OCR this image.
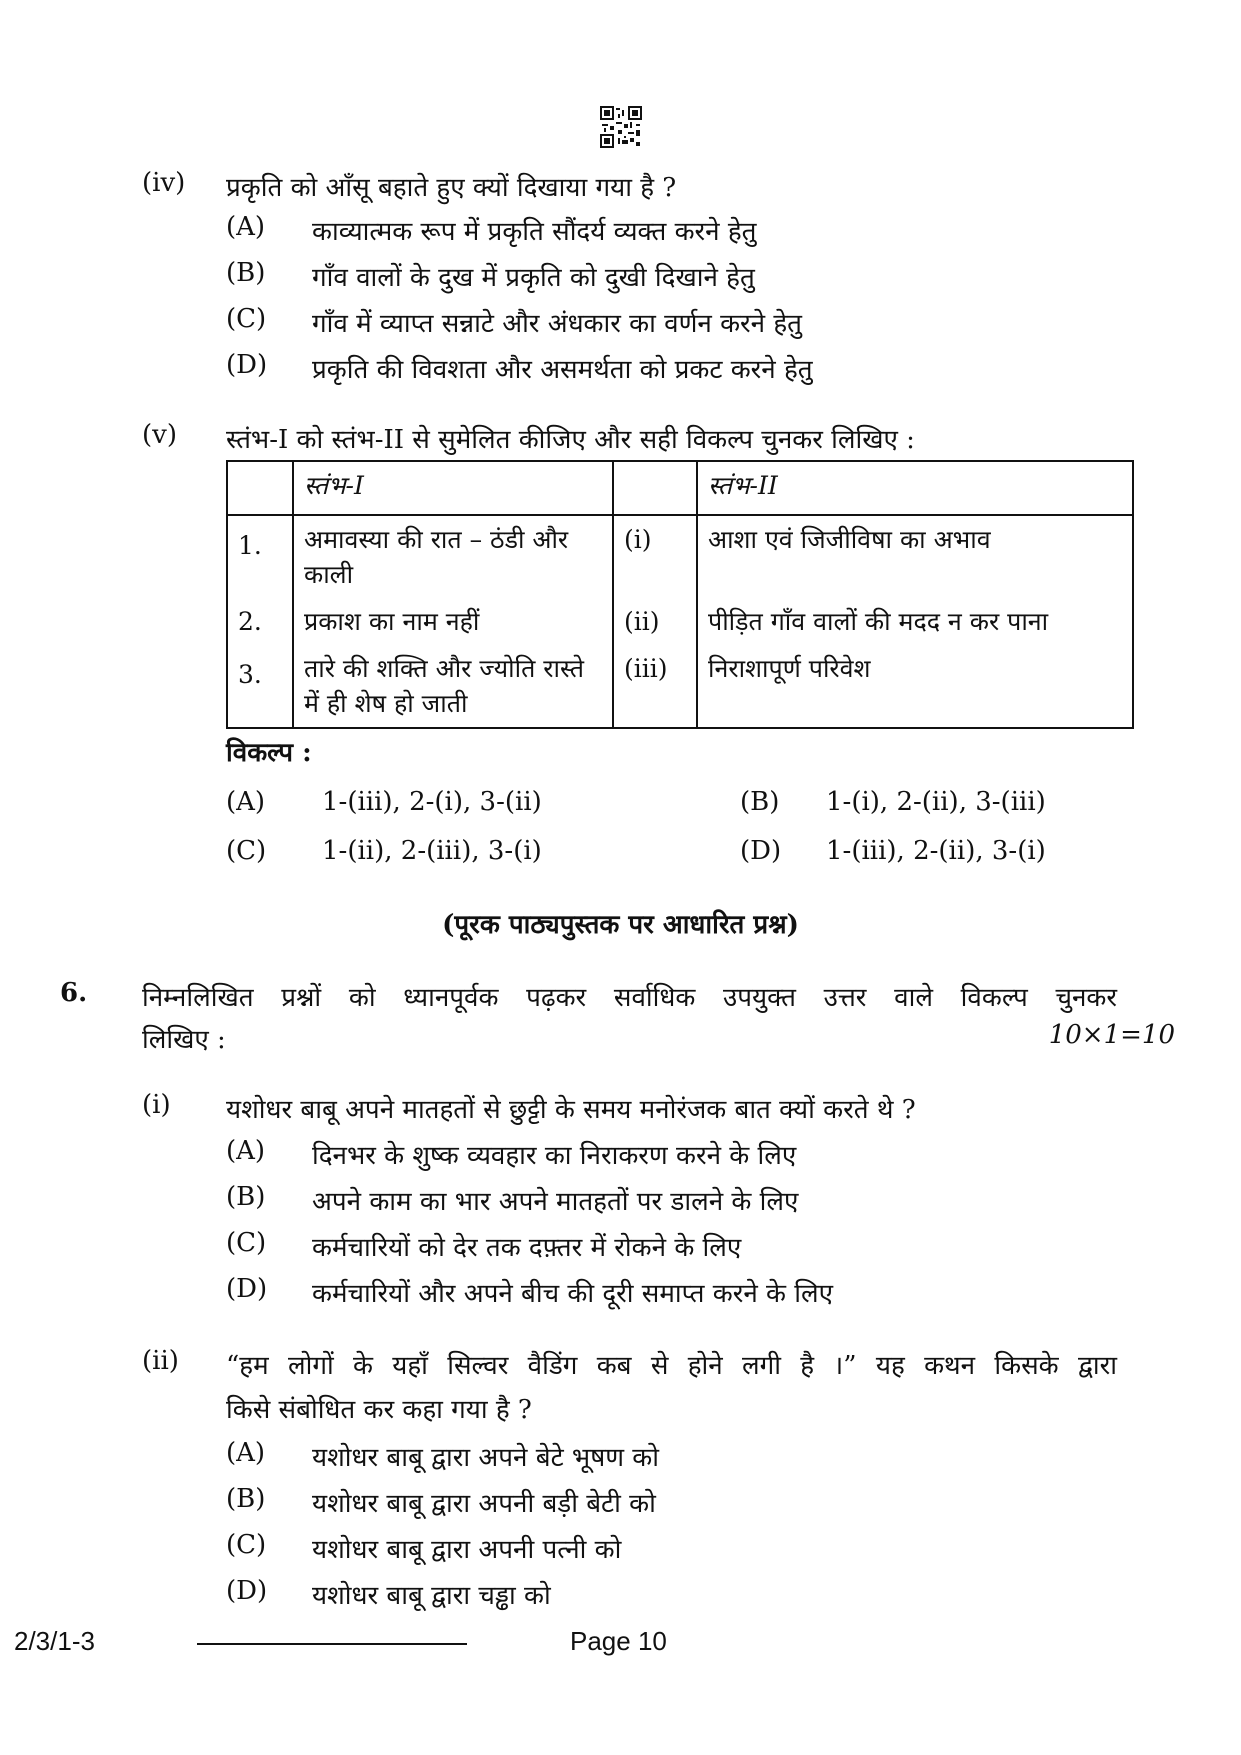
(iv) प्रकृति को आँसू बहाते हुए क्यों दिखाया गया है ?
(A) काव्यात्मक रूप में प्रकृति सौंदर्य व्यक्त करने हेतु
(B) गाँव वालों के दुख में प्रकृति को दुखी दिखाने हेतु
(C) गाँव में व्याप्त सन्नाटे और अंधकार का वर्णन करने हेतु
(D) प्रकृति की विवशता और असमर्थता को प्रकट करने हेतु
(v) स्तंभ-I को स्तंभ-II से सुमेलित कीजिए और सही विकल्प चुनकर लिखिए :
	स्तंभ-I		स्तंभ-II
1.	अमावस्या की रात – ठंडी और काली	(i)	आशा एवं जिजीविषा का अभाव
2.	प्रकाश का नाम नहीं	(ii)	पीड़ित गाँव वालों की मदद न कर पाना
3.	तारे की शक्ति और ज्योति रास्ते में ही शेष हो जाती	(iii)	निराशापूर्ण परिवेश
विकल्प :
(A) 1-(iii), 2-(i), 3-(ii)	(B) 1-(i), 2-(ii), 3-(iii)
(C) 1-(ii), 2-(iii), 3-(i)	(D) 1-(iii), 2-(ii), 3-(i)
(पूरक पाठ्यपुस्तक पर आधारित प्रश्न)
6. निम्नलिखित प्रश्नों को ध्यानपूर्वक पढ़कर सर्वाधिक उपयुक्त उत्तर वाले विकल्प चुनकर
लिखिए :	10×1=10
(i) यशोधर बाबू अपने मातहतों से छुट्टी के समय मनोरंजक बात क्यों करते थे ?
(A) दिनभर के शुष्क व्यवहार का निराकरण करने के लिए
(B) अपने काम का भार अपने मातहतों पर डालने के लिए
(C) कर्मचारियों को देर तक दफ़्तर में रोकने के लिए
(D) कर्मचारियों और अपने बीच की दूरी समाप्त करने के लिए
(ii) “हम लोगों के यहाँ सिल्वर वैडिंग कब से होने लगी है ।” यह कथन किसके द्वारा
किसे संबोधित कर कहा गया है ?
(A) यशोधर बाबू द्वारा अपने बेटे भूषण को
(B) यशोधर बाबू द्वारा अपनी बड़ी बेटी को
(C) यशोधर बाबू द्वारा अपनी पत्नी को
(D) यशोधर बाबू द्वारा चड्ढा को
2/3/1-3	Page 10
